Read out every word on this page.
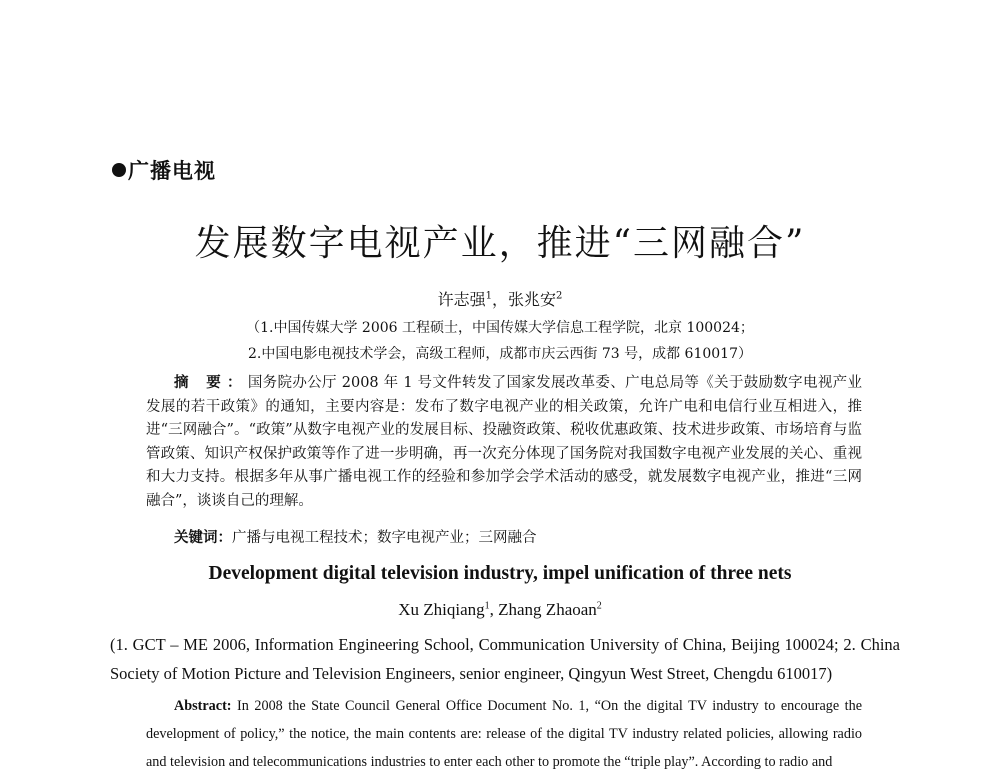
广播电视
发展数字电视产业，推进“三网融合”
许志强$^1$，张兆安$^2$
（1.中国传媒大学 2006 工程硕士，中国传媒大学信息工程学院，北京 100024；
2.中国电影电视技术学会，高级工程师，成都市庆云西街 73 号，成都 610017）
摘 要：国务院办公厅 2008 年 1 号文件转发了国家发展改革委、广电总局等《关于鼓励数字电视产业发展的若干政策》的通知，主要内容是：发布了数字电视产业的相关政策，允许广电和电信行业互相进入，推进“三网融合”。“政策”从数字电视产业的发展目标、投融资政策、税收优惠政策、技术进步政策、市场培育与监管政策、知识产权保护政策等作了进一步明确，再一次充分体现了国务院对我国数字电视产业发展的关心、重视和大力支持。根据多年从事广播电视工作的经验和参加学会学术活动的感受，就发展数字电视产业，推进“三网融合”，谈谈自己的理解。
关键词：广播与电视工程技术；数字电视产业；三网融合
Development digital television industry, impel unification of three nets
Xu Zhiqiang$^1$, Zhang Zhaoan$^2$
(1. GCT – ME 2006, Information Engineering School, Communication University of China, Beijing 100024; 2. China Society of Motion Picture and Television Engineers, senior engineer, Qingyun West Street, Chengdu 610017)
Abstract: In 2008 the State Council General Office Document No. 1, “On the digital TV industry to encourage the development of policy,” the notice, the main contents are: release of the digital TV industry related policies, allowing radio and television and telecommunications industries to enter each other to promote the “triple play”. According to radio and
